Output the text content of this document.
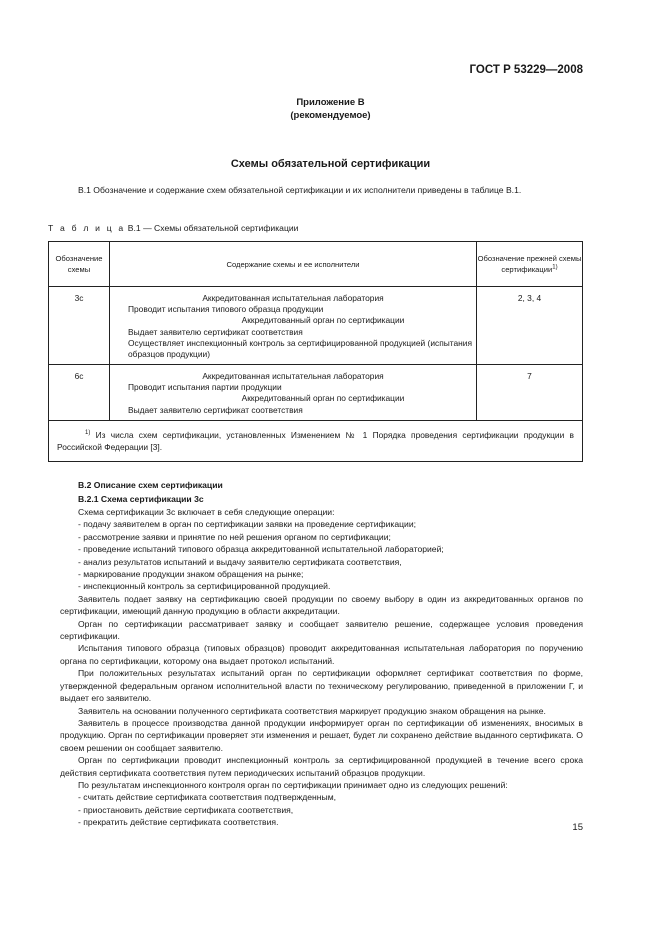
ГОСТ Р 53229—2008
Приложение В
(рекомендуемое)
Схемы обязательной сертификации
В.1 Обозначение и содержание схем обязательной сертификации и их исполнители приведены в таблице В.1.
Т а б л и ц а В.1 — Схемы обязательной сертификации
Обозначение схемы	Содержание схемы и ее исполнители	Обозначение прежней схемы сертификации$^{1)}$
3с	Аккредитованная испытательная лаборатория
Проводит испытания типового образца продукции
Аккредитованный орган по сертификации
Выдает заявителю сертификат соответствия
Осуществляет инспекционный контроль за сертифицированной продукцией (испытания образцов продукции)	2, 3, 4
6с	Аккредитованная испытательная лаборатория
Проводит испытания партии продукции
Аккредитованный орган по сертификации
Выдает заявителю сертификат соответствия	7
$^{1)}$ Из числа схем сертификации, установленных Изменением № 1 Порядка проведения сертификации продукции в Российской Федерации [3].		
В.2 Описание схем сертификации
В.2.1 Схема сертификации 3с
Схема сертификации 3с включает в себя следующие операции:
- подачу заявителем в орган по сертификации заявки на проведение сертификации;
- рассмотрение заявки и принятие по ней решения органом по сертификации;
- проведение испытаний типового образца аккредитованной испытательной лабораторией;
- анализ результатов испытаний и выдачу заявителю сертификата соответствия,
- маркирование продукции знаком обращения на рынке;
- инспекционный контроль за сертифицированной продукцией.
Заявитель подает заявку на сертификацию своей продукции по своему выбору в один из аккредитованных органов по сертификации, имеющий данную продукцию в области аккредитации.
Орган по сертификации рассматривает заявку и сообщает заявителю решение, содержащее условия проведения сертификации.
Испытания типового образца (типовых образцов) проводит аккредитованная испытательная лаборатория по поручению органа по сертификации, которому она выдает протокол испытаний.
При положительных результатах испытаний орган по сертификации оформляет сертификат соответствия по форме, утвержденной федеральным органом исполнительной власти по техническому регулированию, приведенной в приложении Г, и выдает его заявителю.
Заявитель на основании полученного сертификата соответствия маркирует продукцию знаком обращения на рынке.
Заявитель в процессе производства данной продукции информирует орган по сертификации об изменениях, вносимых в продукцию. Орган по сертификации проверяет эти изменения и решает, будет ли сохранено действие выданного сертификата. О своем решении он сообщает заявителю.
Орган по сертификации проводит инспекционный контроль за сертифицированной продукцией в течение всего срока действия сертификата соответствия путем периодических испытаний образцов продукции.
По результатам инспекционного контроля орган по сертификации принимает одно из следующих решений:
- считать действие сертификата соответствия подтвержденным,
- приостановить действие сертификата соответствия,
- прекратить действие сертификата соответствия.	15
